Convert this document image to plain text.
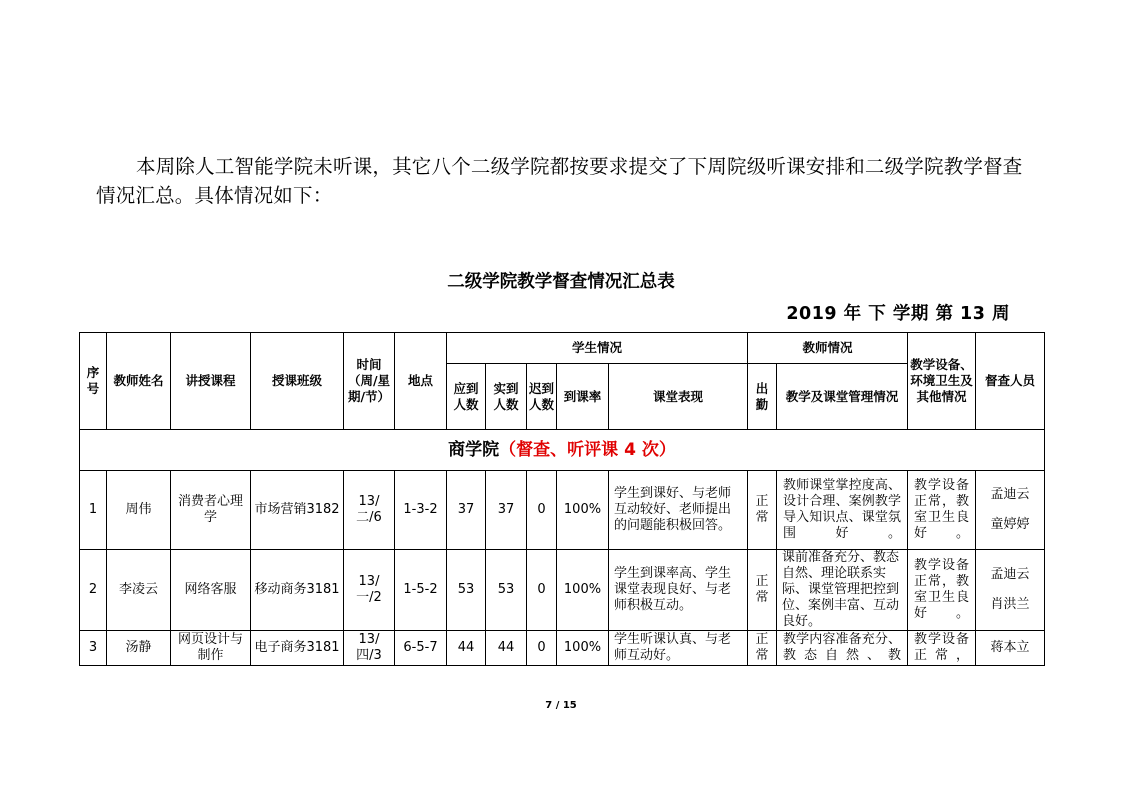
本周除人工智能学院未听课，其它八个二级学院都按要求提交了下周院级听课安排和二级学院教学督查情况汇总。具体情况如下：
二级学院教学督查情况汇总表
2019 年 下 学期 第 13 周
序号	教师姓名	讲授课程	授课班级	时间（周/星期/节）	地点	学生情况					教师情况		教学设备、环境卫生及其他情况	督查人员
						应到人数	实到人数	迟到人数	到课率	课堂表现	出勤	教学及课堂管理情况		
商学院（督查、听评课 4 次）														
1	周伟	消费者心理学	市场营销3182	13/二/6	1-3-2	37	37	0	100%	学生到课好、与老师互动较好、老师提出的问题能积极回答。	正常	教师课堂掌控度高、设计合理、案例教学导入知识点、课堂氛围好。	教学设备正常，教室卫生良好。	孟迪云
童婷婷

2	李凌云	网络客服	移动商务3181	13/一/2	1-5-2	53	53	0	100%	学生到课率高、学生课堂表现良好、与老师积极互动。	正常	课前准备充分、教态自然、理论联系实际、课堂管理把控到位、案例丰富、互动良好。	教学设备正常，教室卫生良好。	孟迪云
肖洪兰

3	汤静	网页设计与制作	电子商务3181	13/四/3	6-5-7	44	44	0	100%	学生听课认真、与老师互动好。	正常	教学内容准备充分、教态自然、教	教学设备正常，	蒋本立
7 / 15
